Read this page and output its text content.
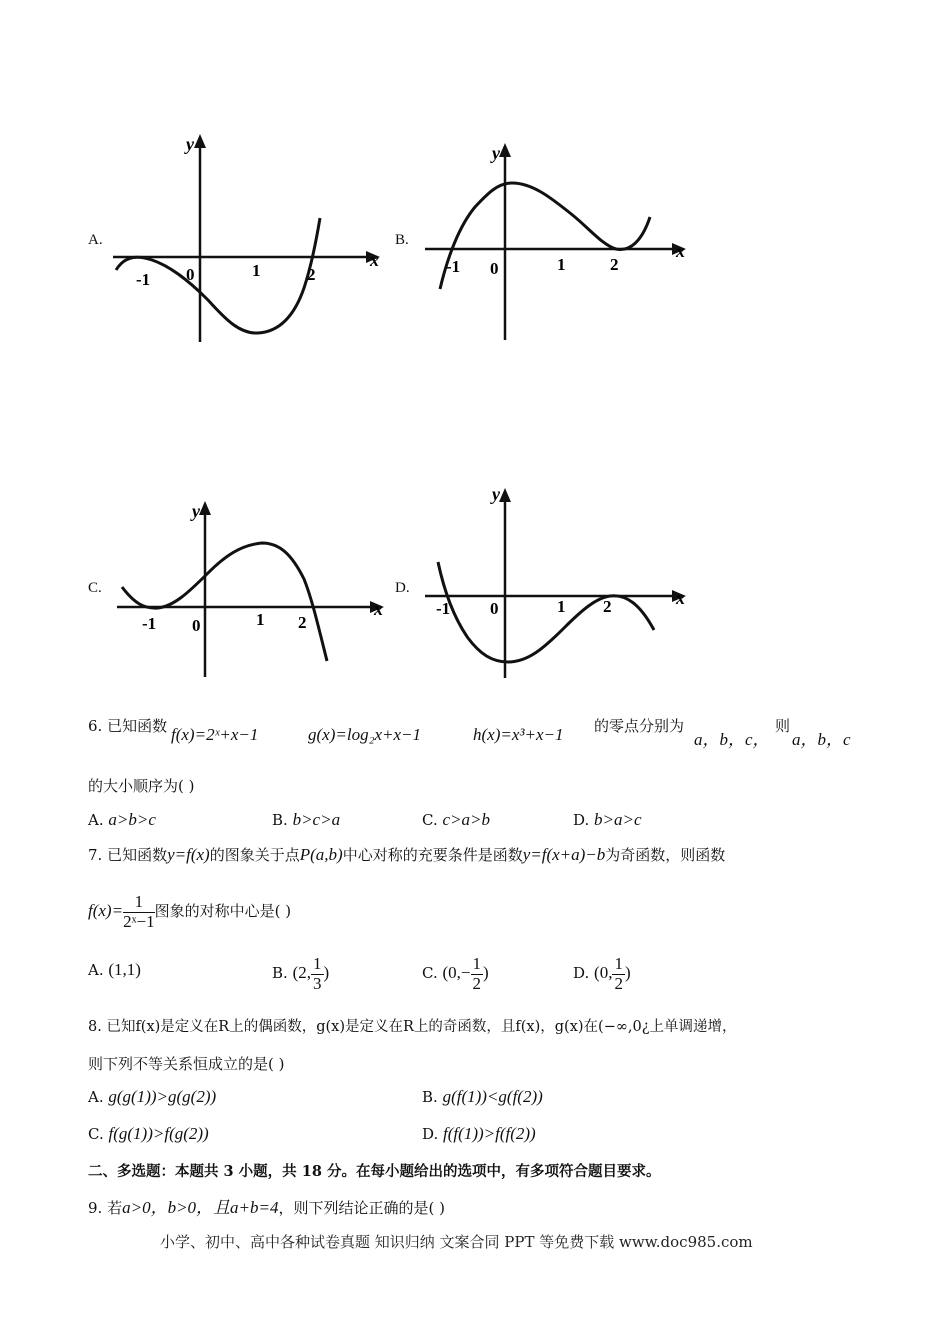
A.
x
y
-1 0	1	2
B.
x
y
-1 0	1	2
C.
x
y
-1 0	1 2
D.	x
y
-1 0	1 2
6. 已知函数 f(x)=2ˣ+x−1	g(x)=log₂x+x−1	h(x)=x³+x−1 的零点分别为
a，b，c，
则
a，b，c
的大小顺序为( )
A. a>b>c	B. b>c>a	C. c>a>b	D. b>a>c
7. 已知函数y=f(x)的图象关于点P(a,b)中心对称的充要条件是函数y=f(x+a)−b为奇函数，则函数
$f(x)= \frac{1}{\text{2ˣ−1}}$ 图象的对称中心是( )
A. (1,1)	B. (2, $\frac{1}{3}$ )	C. ($0,- \frac{1}{2}$ )	D. (0, $\frac{1}{2}$ )
8. 已知f(x)是定义在R上的偶函数，g(x)是定义在R上的奇函数，且f(x)，g(x)在(−∞,0¿上单调递增，
则下列不等关系恒成立的是( )
A. g(g(1))>g(g(2))	B. g(f(1))<g(f(2))
C. f(g(1))>f(g(2))	D. f(f(1))>f(f(2))
二、多选题：本题共 3 小题，共 18 分。在每小题给出的选项中，有多项符合题目要求。
9. 若a>0，b>0，且a+b=4，则下列结论正确的是( )
小学、初中、高中各种试卷真题 知识归纳 文案合同 PPT 等免费下载 www.doc985.com
